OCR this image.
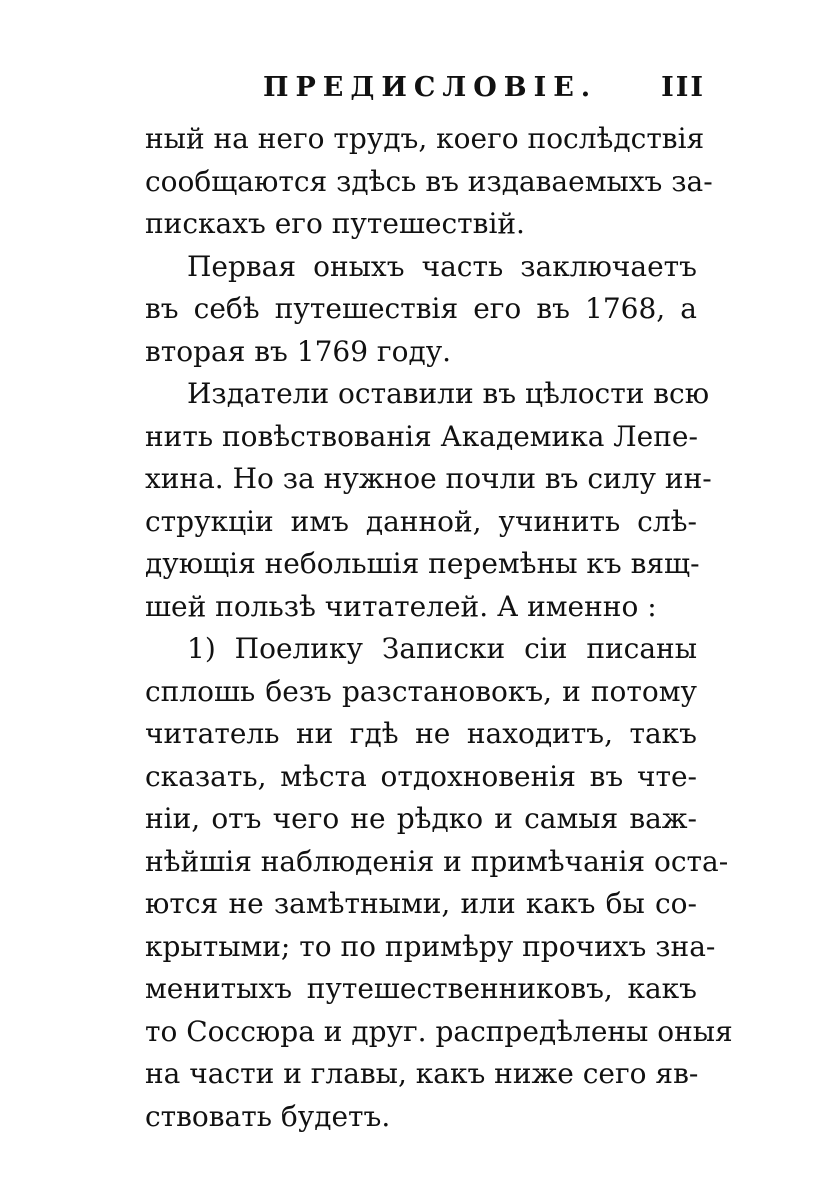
ПРЕДИСЛОВІЕ. III
ный на него трудъ, коего послѣдствія
сообщаются здѣсь въ издаваемыхъ за-
пискахъ его путешествій.
Первая оныхъ часть заключаетъ
въ себѣ путешествія его въ 1768, а
вторая въ 1769 году.
Издатели оставили въ цѣлости всю
нить повѣствованія Академика Лепе-
хина. Но за нужное почли въ силу ин-
струкціи имъ данной, учинить слѣ-
дующія небольшія перемѣны къ вящ-
шей пользѣ читателей. А именно :
1) Поелику Записки сіи писаны
сплошь безъ разстановокъ, и потому
читатель ни гдѣ не находитъ, такъ
сказать, мѣста отдохновенія въ чте-
ніи, отъ чего не рѣдко и самыя важ-
нѣйшія наблюденія и примѣчанія оста-
ются не замѣтными, или какъ бы со-
крытыми; то по примѣру прочихъ зна-
менитыхъ путешественниковъ, какъ
то Соссюра и друг. распредѣлены оныя
на части и главы, какъ ниже сего яв-
ствовать будетъ.
